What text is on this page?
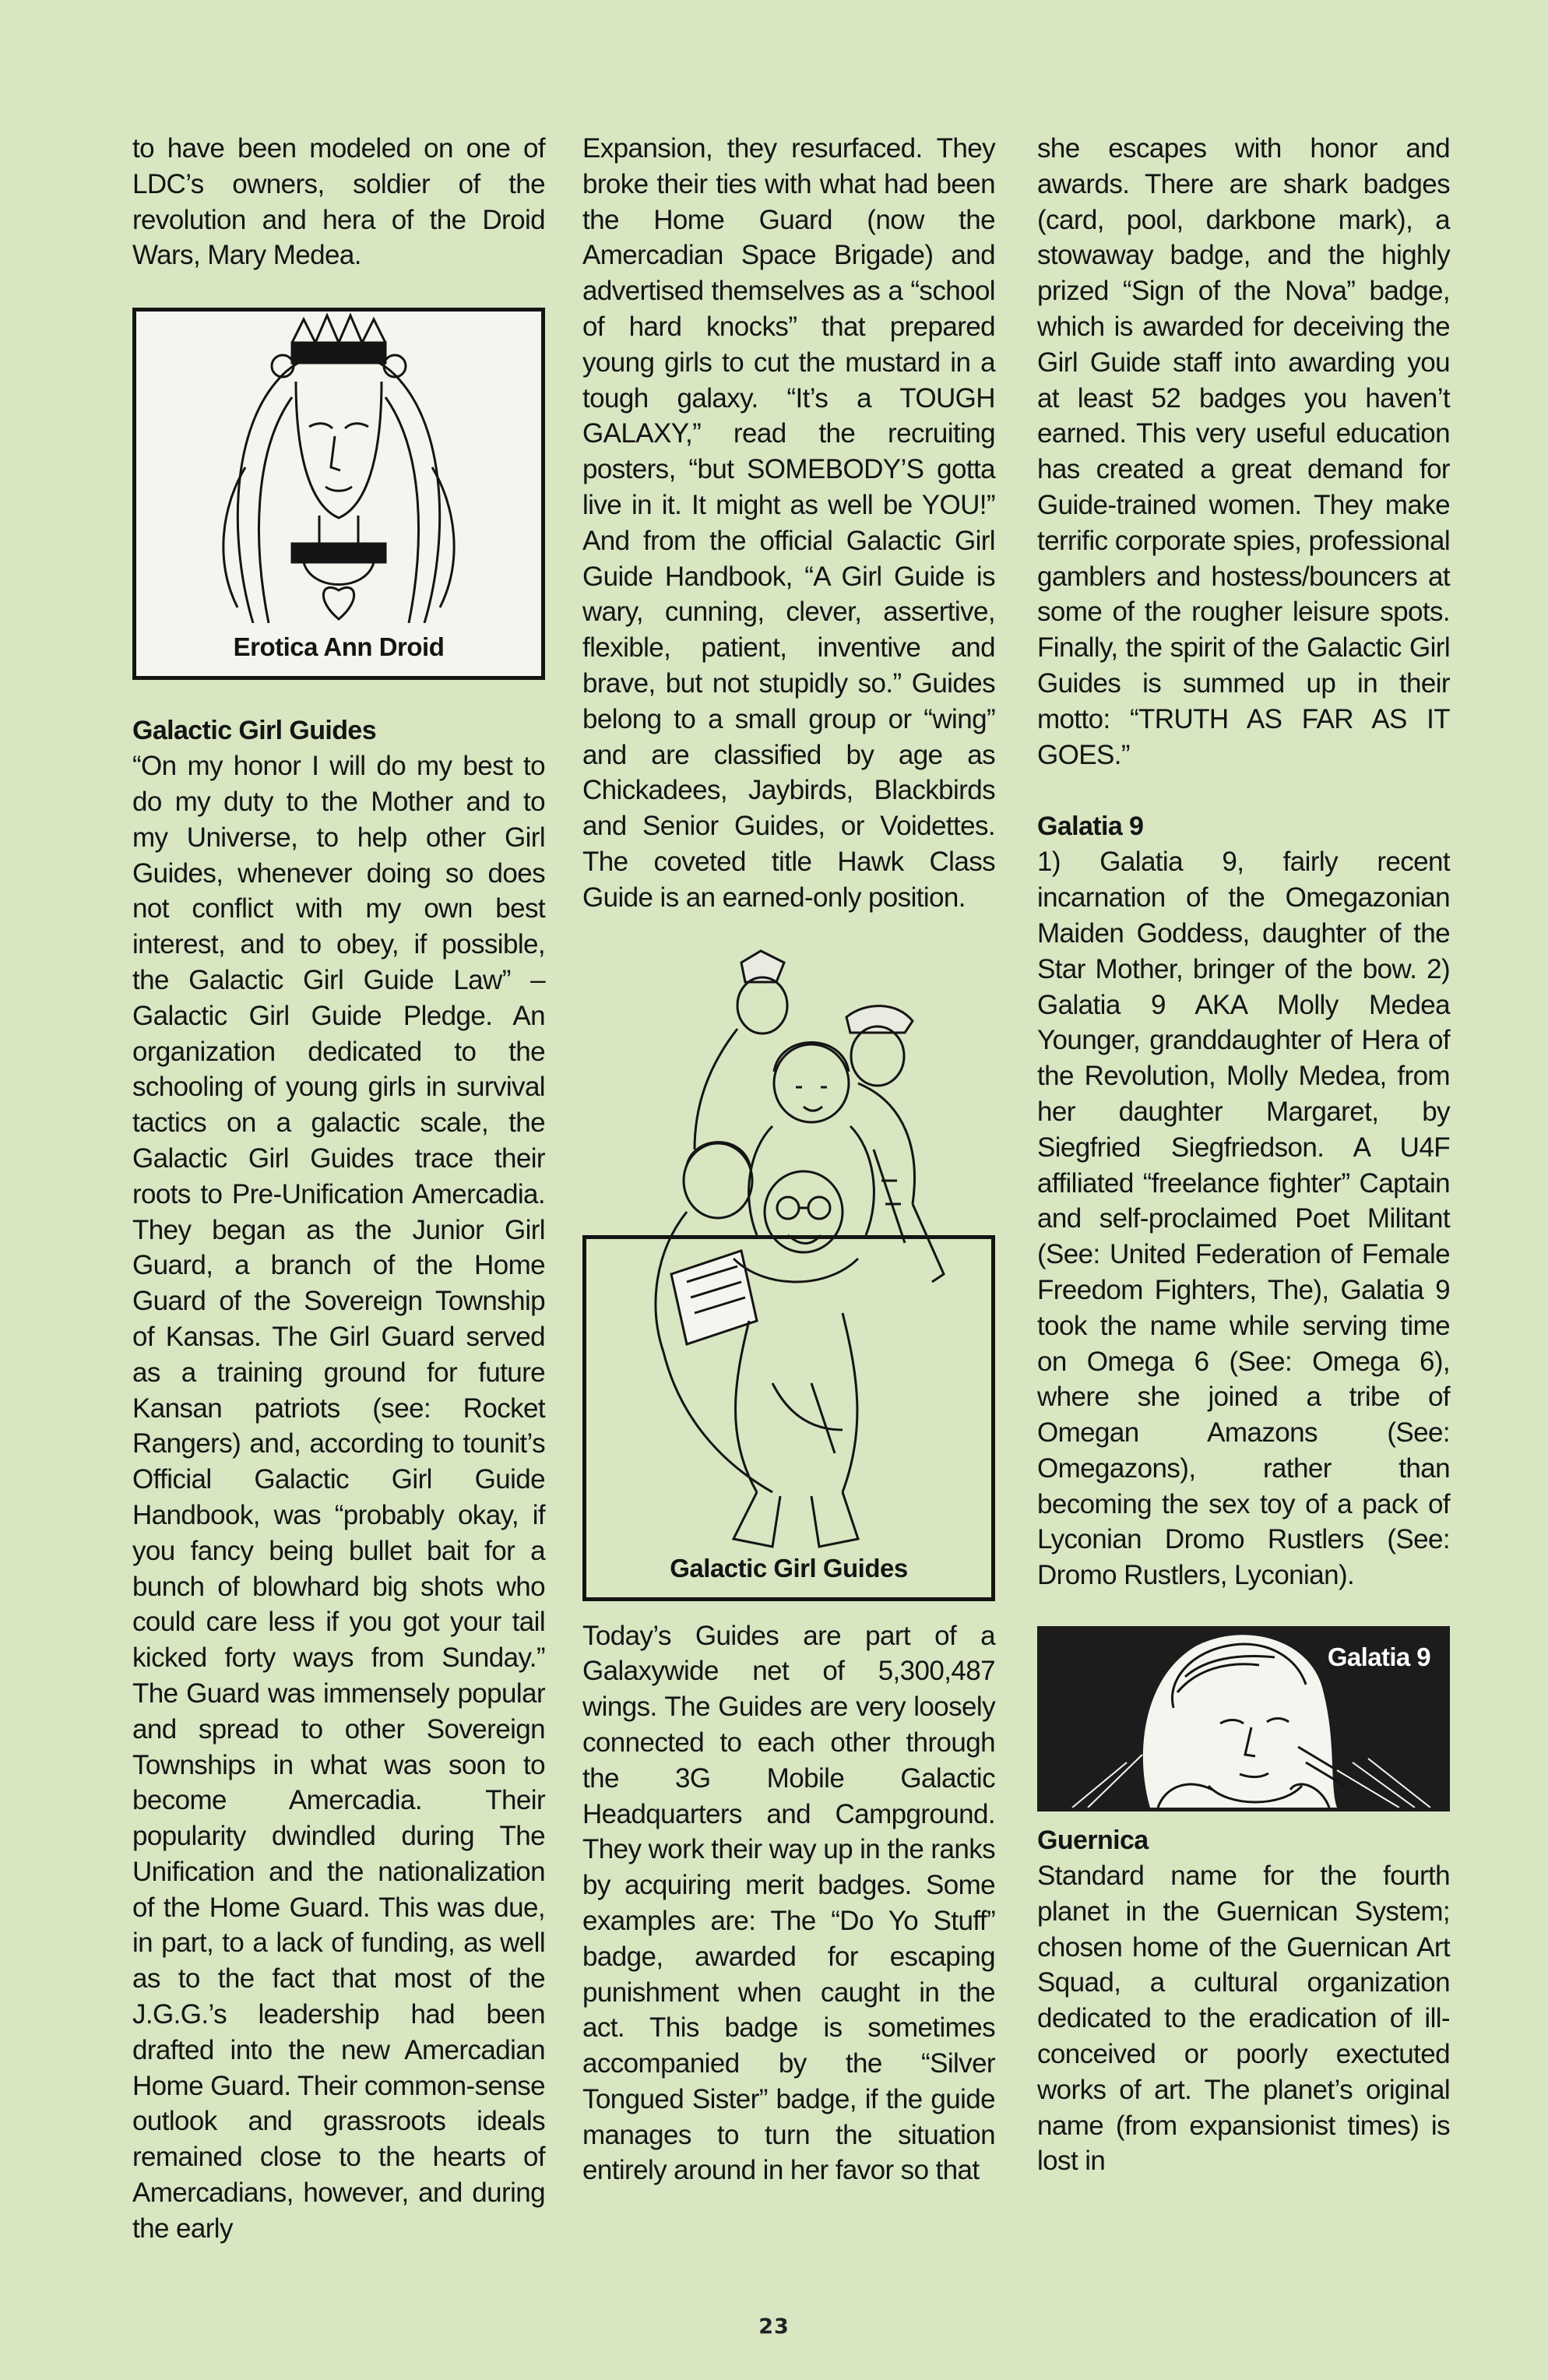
to have been modeled on one of LDC’s owners, soldier of the revolution and hera of the Droid Wars, Mary Medea.

Erotica Ann Droid
Galactic Girl Guides

“On my honor I will do my best to do my duty to the Mother and to my Universe, to help other Girl Guides, whenever doing so does not conflict with my own best interest, and to obey, if possible, the Galactic Girl Guide Law” – Galactic Girl Guide Pledge. An organization dedicated to the schooling of young girls in survival tactics on a galactic scale, the Galactic Girl Guides trace their roots to Pre-Unification Amercadia. They began as the Junior Girl Guard, a branch of the Home Guard of the Sovereign Township of Kansas. The Girl Guard served as a training ground for future Kansan patriots (see: Rocket Rangers) and, according to tounit’s Official Galactic Girl Guide Handbook, was “probably okay, if you fancy being bullet bait for a bunch of blowhard big shots who could care less if you got your tail kicked forty ways from Sunday.” The Guard was immensely popular and spread to other Sovereign Townships in what was soon to become Amercadia. Their popularity dwindled during The Unification and the nationalization of the Home Guard. This was due, in part, to a lack of funding, as well as to the fact that most of the J.G.G.’s leadership had been drafted into the new Amercadian Home Guard. Their common-sense outlook and grassroots ideals remained close to the hearts of Amercadians, however, and during the early

Expansion, they resurfaced. They broke their ties with what had been the Home Guard (now the Amercadian Space Brigade) and advertised themselves as a “school of hard knocks” that prepared young girls to cut the mustard in a tough galaxy. “It’s a TOUGH GALAXY,” read the recruiting posters, “but SOMEBODY’S gotta live in it. It might as well be YOU!” And from the official Galactic Girl Guide Handbook, “A Girl Guide is wary, cunning, clever, assertive, flexible, patient, inventive and brave, but not stupidly so.” Guides belong to a small group or “wing” and are classified by age as Chickadees, Jaybirds, Blackbirds and Senior Guides, or Voidettes. The coveted title Hawk Class Guide is an earned-only position.

Galactic Girl Guides

Today’s Guides are part of a Galaxywide net of 5,300,487 wings. The Guides are very loosely connected to each other through the 3G Mobile Galactic Headquarters and Campground. They work their way up in the ranks by acquiring merit badges. Some examples are: The “Do Yo Stuff” badge, awarded for escaping punishment when caught in the act. This badge is sometimes accompanied by the “Silver Tongued Sister” badge, if the guide manages to turn the situation entirely around in her favor so that

she escapes with honor and awards. There are shark badges (card, pool, darkbone mark), a stowaway badge, and the highly prized “Sign of the Nova” badge, which is awarded for deceiving the Girl Guide staff into awarding you at least 52 badges you haven’t earned. This very useful education has created a great demand for Guide-trained women. They make terrific corporate spies, professional gamblers and hostess/bouncers at some of the rougher leisure spots. Finally, the spirit of the Galactic Girl Guides is summed up in their motto: “TRUTH AS FAR AS IT GOES.”

Galatia 9

1) Galatia 9, fairly recent incarnation of the Omegazonian Maiden Goddess, daughter of the Star Mother, bringer of the bow. 2) Galatia 9 AKA Molly Medea Younger, granddaughter of Hera of the Revolution, Molly Medea, from her daughter Margaret, by Siegfried Siegfriedson. A U4F affiliated “freelance fighter” Captain and self-proclaimed Poet Militant (See: United Federation of Female Freedom Fighters, The), Galatia 9 took the name while serving time on Omega 6 (See: Omega 6), where she joined a tribe of Omegan Amazons (See: Omegazons), rather than becoming the sex toy of a pack of Lyconian Dromo Rustlers (See: Dromo Rustlers, Lyconian).

Galatia 9
Guernica

Standard name for the fourth planet in the Guernican System; chosen home of the Guernican Art Squad, a cultural organization dedicated to the eradication of ill-conceived or poorly exectuted works of art. The planet’s original name (from expansionist times) is lost in

23
